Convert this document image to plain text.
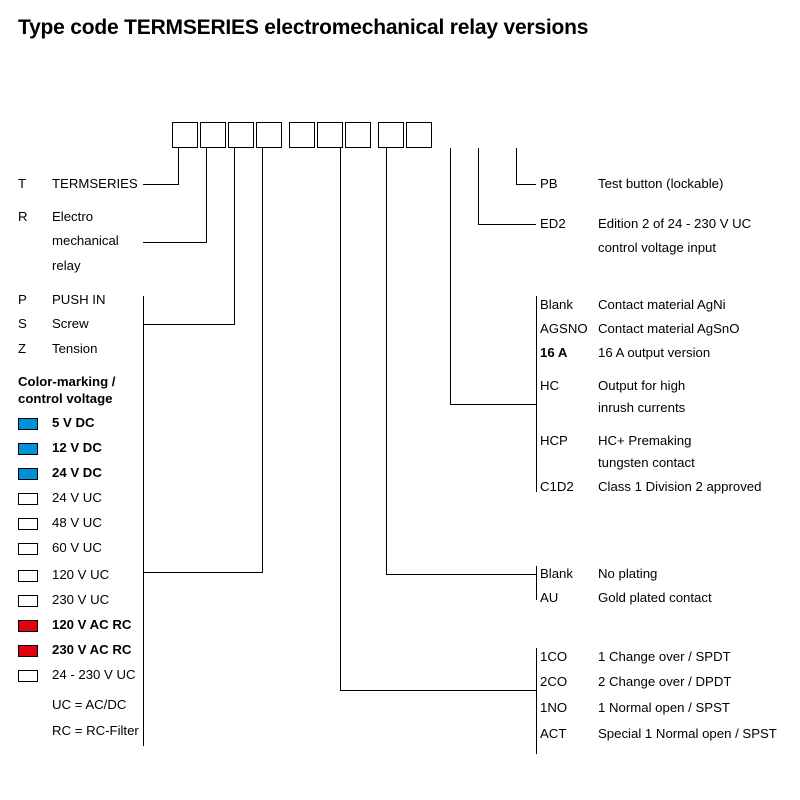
Type code TERMSERIES electromechanical relay versions
T TERMSERIES
R Electro
mechanical
relay
P PUSH IN
S Screw
Z Tension
Color-marking /
control voltage
5 V DC
12 V DC
24 V DC
24 V UC
48 V UC
60 V UC
120 V UC
230 V UC
120 V AC RC
230 V AC RC
24 - 230 V UC
UC = AC/DC
RC = RC-Filter
PB	Test button (lockable)
ED2 Edition 2 of 24 - 230 V UC
control voltage input
Blank Contact material AgNi
AGSNO Contact material AgSnO
16 A 16 A output version
HC	Output for high
inrush currents
HCP HC+ Premaking
tungsten contact
C1D2 Class 1 Division 2 approved
Blank No plating
AU	Gold plated contact
1CO 1 Change over / SPDT
2CO 2 Change over / DPDT
1NO 1 Normal open / SPST
ACT Special 1 Normal open / SPST
